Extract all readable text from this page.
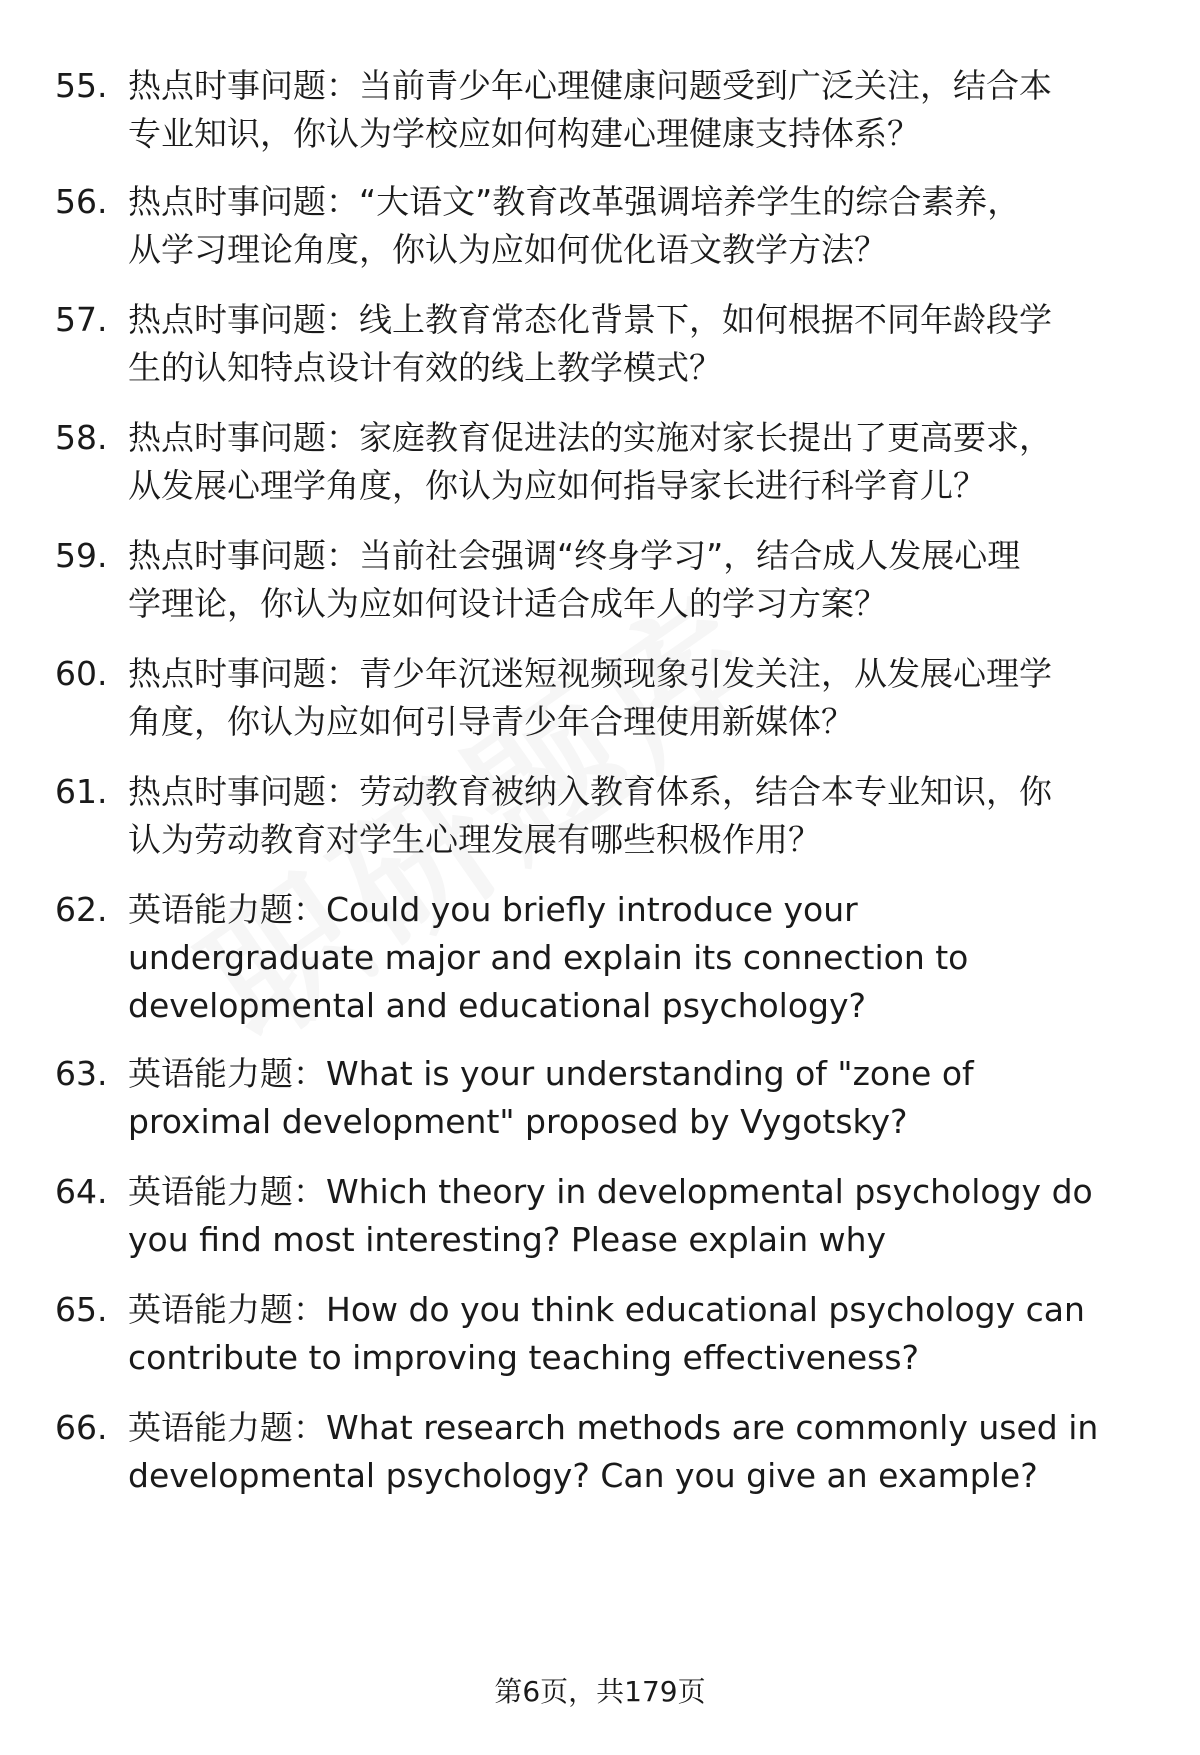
55. 热点时事问题：当前青少年心理健康问题受到广泛关注，结合本
专业知识，你认为学校应如何构建心理健康支持体系？
56. 热点时事问题：“大语文”教育改革强调培养学生的综合素养，
从学习理论角度，你认为应如何优化语文教学方法？
57. 热点时事问题：线上教育常态化背景下，如何根据不同年龄段学
生的认知特点设计有效的线上教学模式？
58. 热点时事问题：家庭教育促进法的实施对家长提出了更高要求，
从发展心理学角度，你认为应如何指导家长进行科学育儿？
59. 热点时事问题：当前社会强调“终身学习”，结合成人发展心理
学理论，你认为应如何设计适合成年人的学习方案？
60. 热点时事问题：青少年沉迷短视频现象引发关注，从发展心理学
角度，你认为应如何引导青少年合理使用新媒体？
61. 热点时事问题：劳动教育被纳入教育体系，结合本专业知识，你
认为劳动教育对学生心理发展有哪些积极作用？
62. 英语能力题：Could you briefly introduce your
undergraduate major and explain its connection to
developmental and educational psychology?
63. 英语能力题：What is your understanding of "zone of
proximal development" proposed by Vygotsky?
64. 英语能力题：Which theory in developmental psychology do
you find most interesting? Please explain why
65. 英语能力题：How do you think educational psychology can
contribute to improving teaching effectiveness?
66. 英语能力题：What research methods are commonly used in
developmental psychology? Can you give an example?
第6页，共179页
